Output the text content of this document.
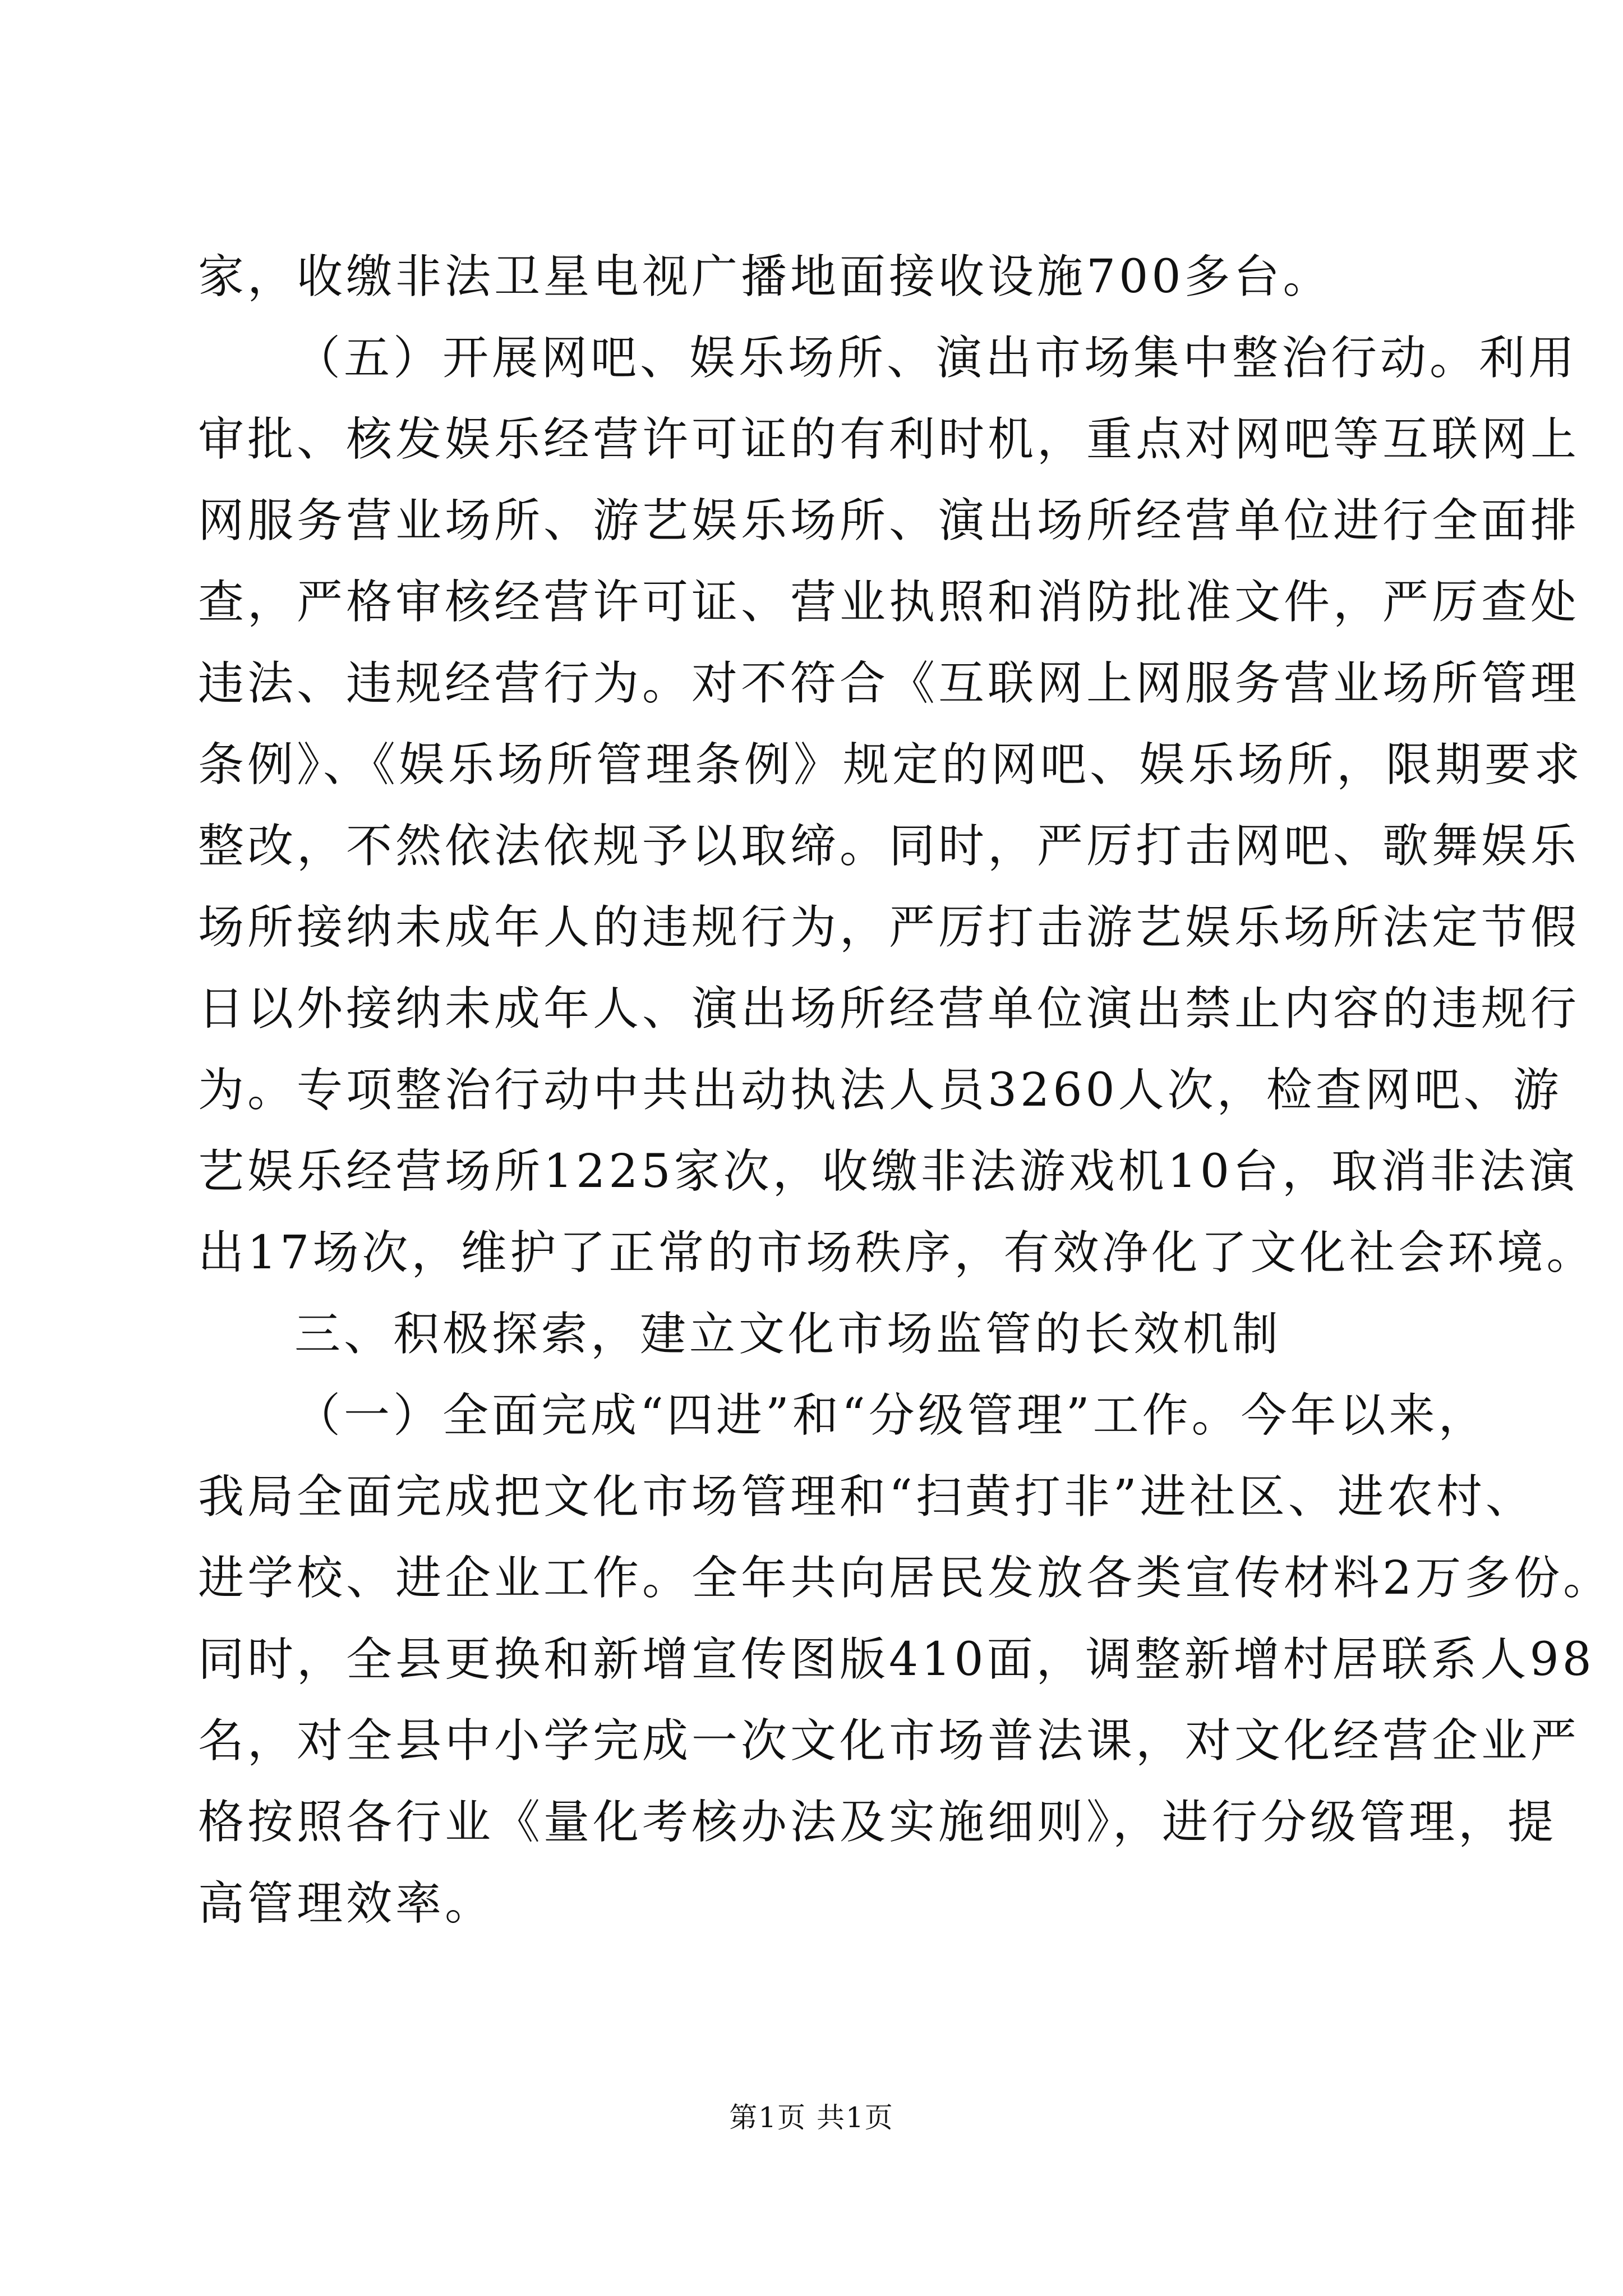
家，收缴非法卫星电视广播地面接收设施700多台。
（五）开展网吧、娱乐场所、演出市场集中整治行动。利用
审批、核发娱乐经营许可证的有利时机，重点对网吧等互联网上
网服务营业场所、游艺娱乐场所、演出场所经营单位进行全面排
查，严格审核经营许可证、营业执照和消防批准文件，严厉查处
违法、违规经营行为。对不符合《互联网上网服务营业场所管理
条例》、《娱乐场所管理条例》规定的网吧、娱乐场所，限期要求
整改，不然依法依规予以取缔。同时，严厉打击网吧、歌舞娱乐
场所接纳未成年人的违规行为，严厉打击游艺娱乐场所法定节假
日以外接纳未成年人、演出场所经营单位演出禁止内容的违规行
为。专项整治行动中共出动执法人员3260人次，检查网吧、游
艺娱乐经营场所1225家次，收缴非法游戏机10台，取消非法演
出17场次，维护了正常的市场秩序，有效净化了文化社会环境。
三、积极探索，建立文化市场监管的长效机制
（一）全面完成“四进”和“分级管理”工作。今年以来，
我局全面完成把文化市场管理和“扫黄打非”进社区、进农村、
进学校、进企业工作。全年共向居民发放各类宣传材料2万多份。
同时，全县更换和新增宣传图版410面，调整新增村居联系人98
名，对全县中小学完成一次文化市场普法课，对文化经营企业严
格按照各行业《量化考核办法及实施细则》，进行分级管理，提
高管理效率。
第1页 共1页
